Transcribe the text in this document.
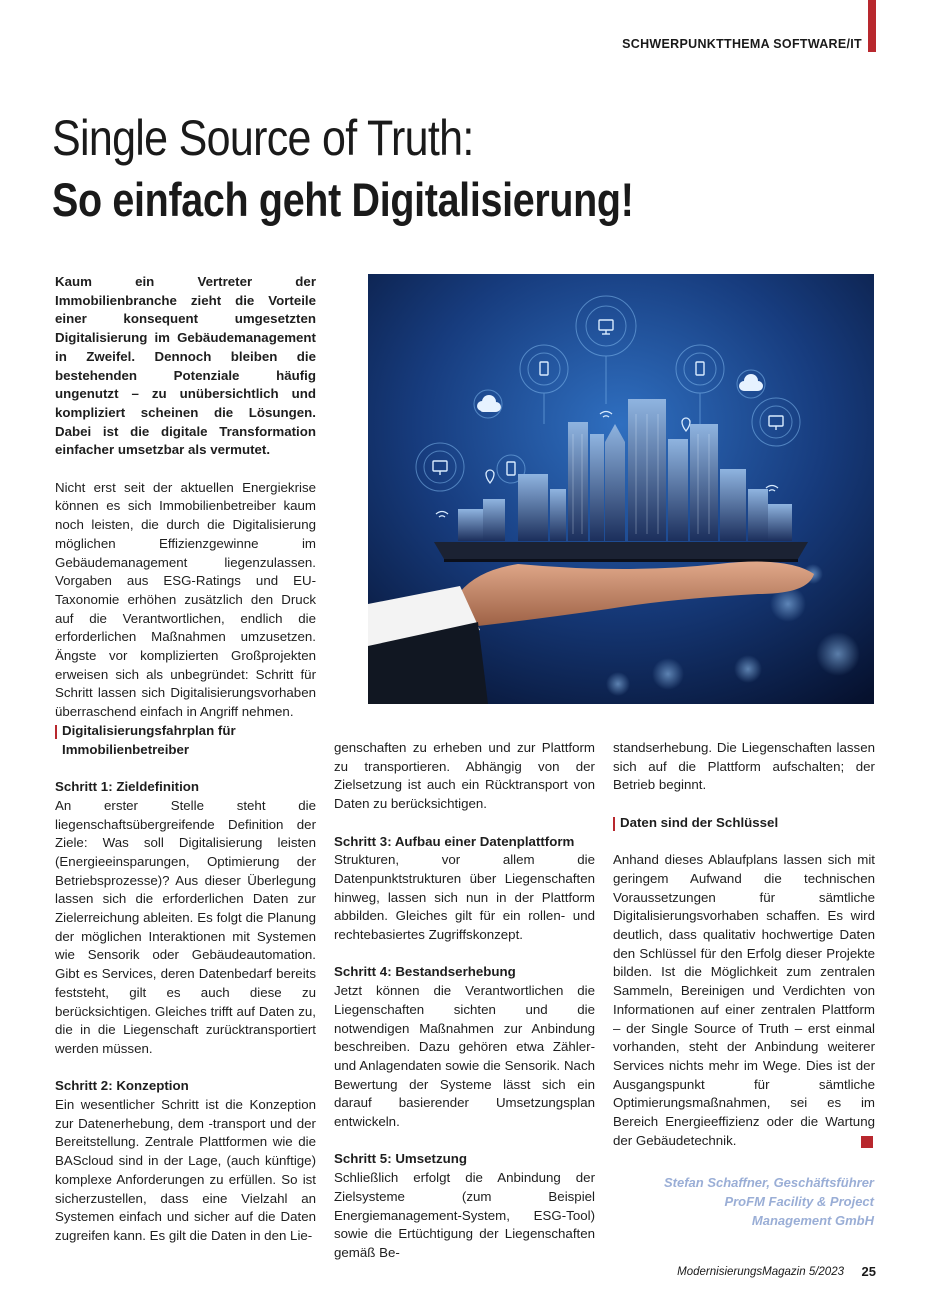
SCHWERPUNKTTHEMA SOFTWARE/IT
Single Source of Truth:
So einfach geht Digitalisierung!

Kaum ein Vertreter der Immobilienbranche zieht die Vorteile einer konsequent umgesetzten Digitalisierung im Gebäudemanagement in Zweifel. Dennoch bleiben die bestehenden Potenziale häufig ungenutzt – zu unübersichtlich und kompliziert scheinen die Lösungen. Dabei ist die digitale Transformation einfacher umsetzbar als vermutet.

Nicht erst seit der aktuellen Energiekrise können es sich Immobilienbetreiber kaum noch leisten, die durch die Digitalisierung möglichen Effizienzgewinne im Gebäudemanagement liegenzulassen. Vorgaben aus ESG-Ratings und EU-Taxonomie erhöhen zusätzlich den Druck auf die Verantwortlichen, endlich die erforderlichen Maßnahmen umzusetzen. Ängste vor komplizierten Großprojekten erweisen sich als unbegründet: Schritt für Schritt lassen sich Digitalisierungsvorhaben überraschend einfach in Angriff nehmen.

Digitalisierungsfahrplan für Immobilienbetreiber

Schritt 1: Zieldefinition
An erster Stelle steht die liegenschaftsübergreifende Definition der Ziele: Was soll Digitalisierung leisten (Energieeinsparungen, Optimierung der Betriebsprozesse)? Aus dieser Überlegung lassen sich die erforderlichen Daten zur Zielerreichung ableiten. Es folgt die Planung der möglichen Interaktionen mit Systemen wie Sensorik oder Gebäudeautomation. Gibt es Services, deren Datenbedarf bereits feststeht, gilt es auch diese zu berücksichtigen. Gleiches trifft auf Daten zu, die in die Liegenschaft zurücktransportiert werden müssen.

Schritt 2: Konzeption
Ein wesentlicher Schritt ist die Konzeption zur Datenerhebung, dem -transport und der Bereitstellung. Zentrale Plattformen wie die BAScloud sind in der Lage, (auch künftige) komplexe Anforderungen zu erfüllen. So ist sicherzustellen, dass eine Vielzahl an Systemen einfach und sicher auf die Daten zugreifen kann. Es gilt die Daten in den Lie-

genschaften zu erheben und zur Plattform zu transportieren. Abhängig von der Zielsetzung ist auch ein Rücktransport von Daten zu berücksichtigen.

Schritt 3: Aufbau einer Datenplattform
Strukturen, vor allem die Datenpunktstrukturen über Liegenschaften hinweg, lassen sich nun in der Plattform abbilden. Gleiches gilt für ein rollen- und rechtebasiertes Zugriffskonzept.

Schritt 4: Bestandserhebung
Jetzt können die Verantwortlichen die Liegenschaften sichten und die notwendigen Maßnahmen zur Anbindung beschreiben. Dazu gehören etwa Zähler- und Anlagendaten sowie die Sensorik. Nach Bewertung der Systeme lässt sich ein darauf basierender Umsetzungsplan entwickeln.

Schritt 5: Umsetzung
Schließlich erfolgt die Anbindung der Zielsysteme (zum Beispiel Energiemanagement-System, ESG-Tool) sowie die Ertüchtigung der Liegenschaften gemäß Be-

standserhebung. Die Liegenschaften lassen sich auf die Plattform aufschalten; der Betrieb beginnt.

Daten sind der Schlüssel

Anhand dieses Ablaufplans lassen sich mit geringem Aufwand die technischen Voraussetzungen für sämtliche Digitalisierungsvorhaben schaffen. Es wird deutlich, dass qualitativ hochwertige Daten den Schlüssel für den Erfolg dieser Projekte bilden. Ist die Möglichkeit zum zentralen Sammeln, Bereinigen und Verdichten von Informationen auf einer zentralen Plattform – der Single Source of Truth – erst einmal vorhanden, steht der Anbindung weiterer Services nichts mehr im Wege. Dies ist der Ausgangspunkt für sämtliche Optimierungsmaßnahmen, sei es im Bereich Energieeffizienz oder die Wartung der Gebäudetechnik.

Stefan Schaffner, Geschäftsführer
ProFM Facility & Project
Management GmbH
ModernisierungsMagazin 5/2023 25
